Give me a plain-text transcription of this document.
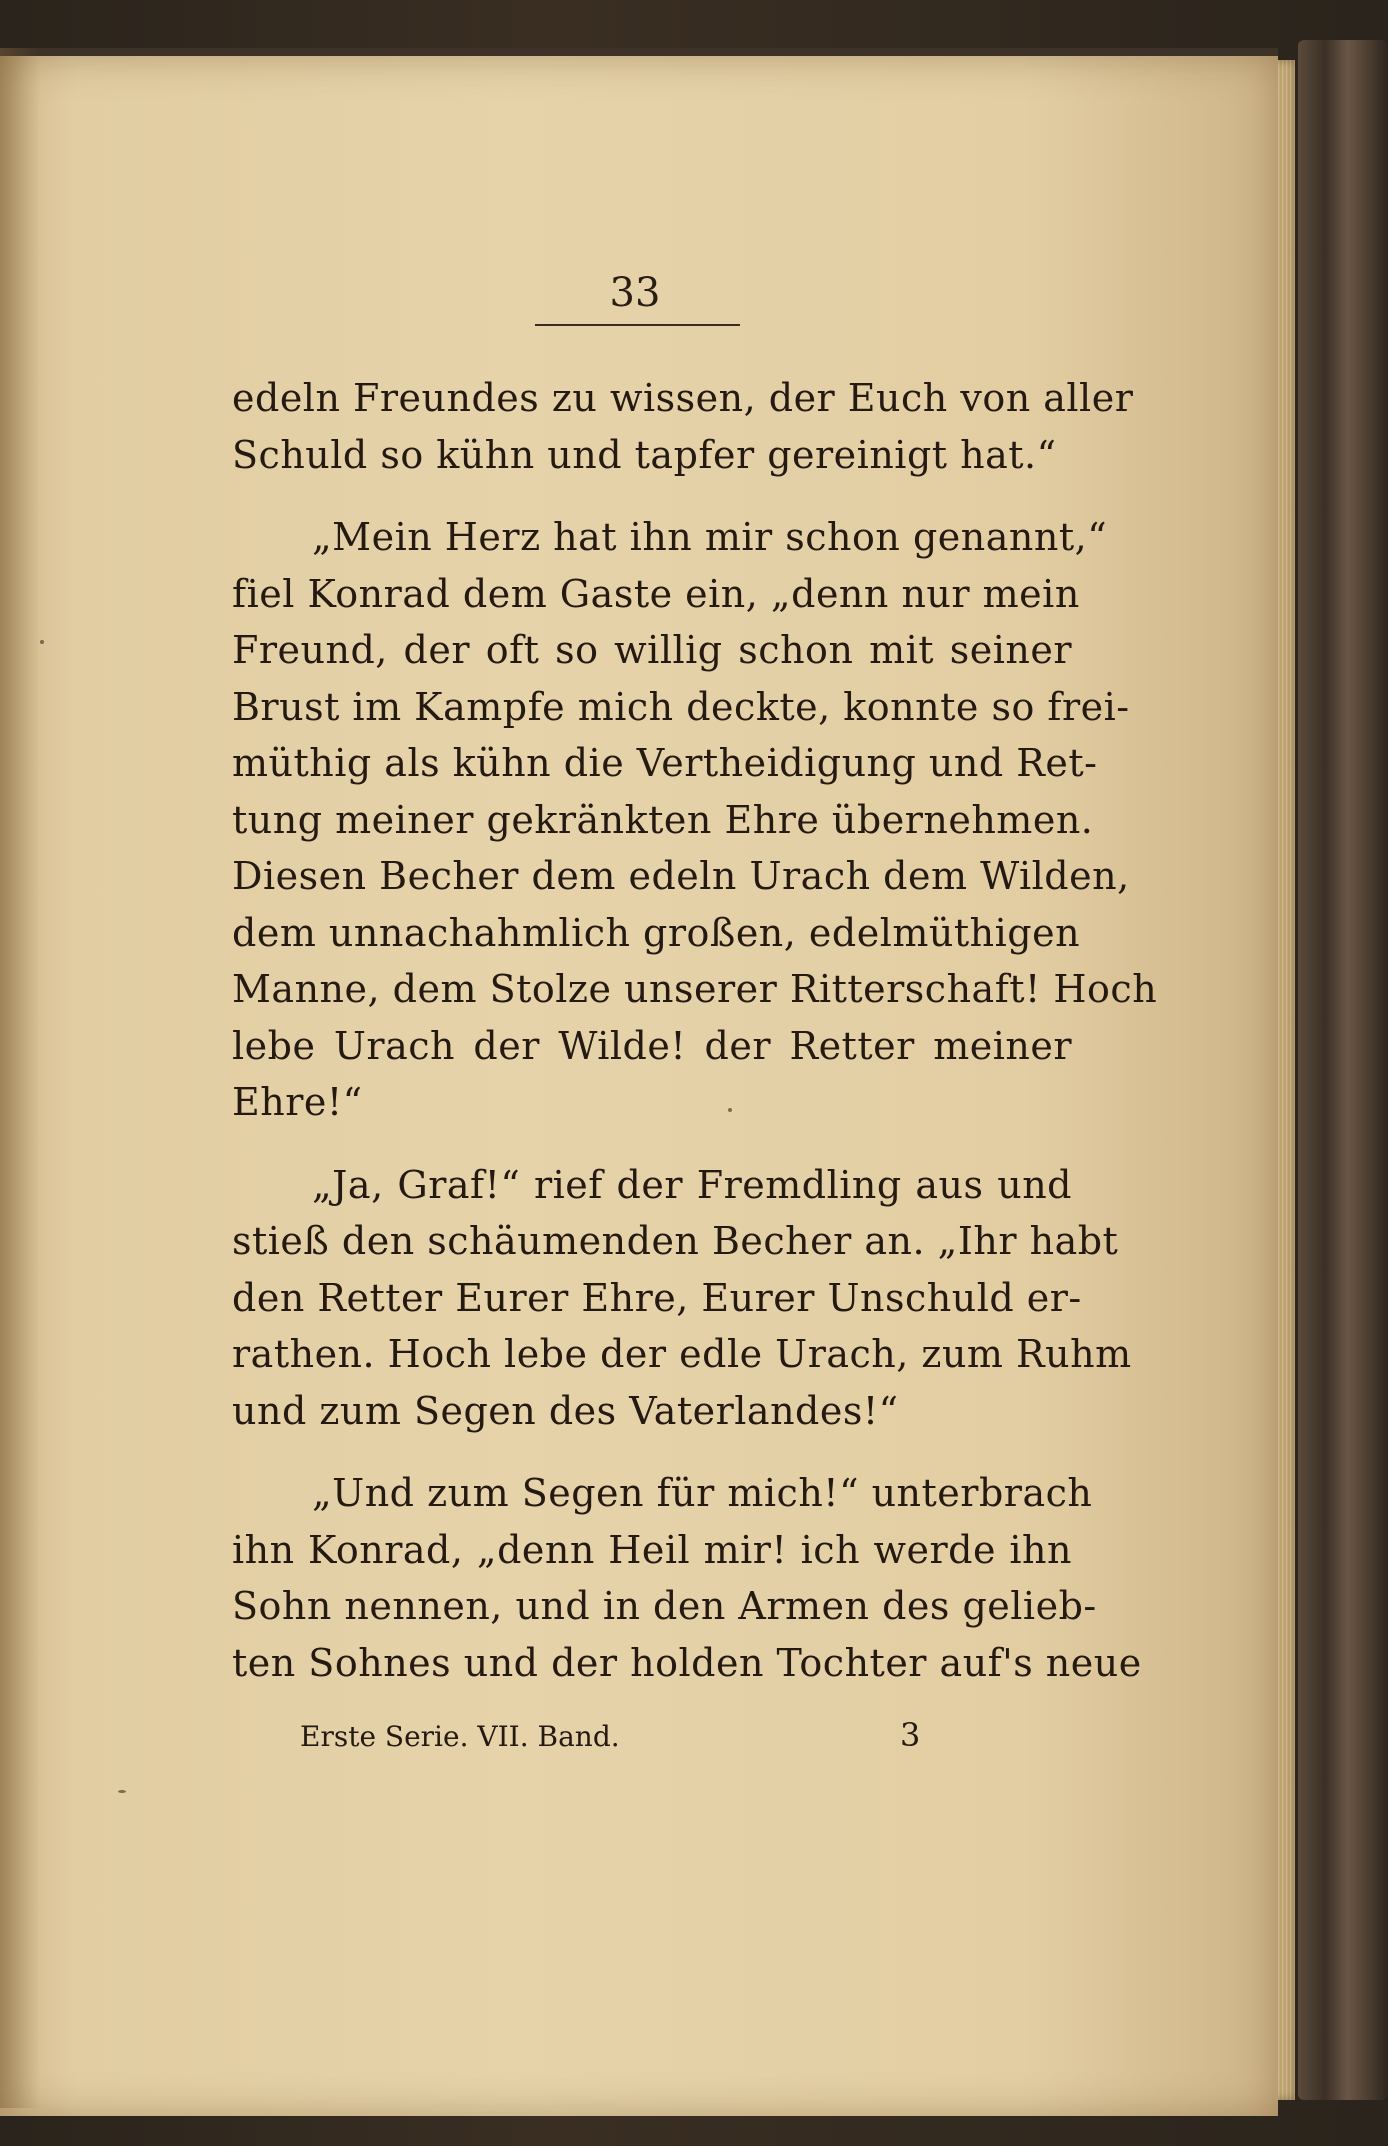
33
edeln Freundes zu wissen, der Euch von aller
Schuld so kühn und tapfer gereinigt hat.“
„Mein Herz hat ihn mir schon genannt,“
fiel Konrad dem Gaste ein, „denn nur mein
Freund, der oft so willig schon mit seiner
Brust im Kampfe mich deckte, konnte so frei-
müthig als kühn die Vertheidigung und Ret-
tung meiner gekränkten Ehre übernehmen.
Diesen Becher dem edeln Urach dem Wilden,
dem unnachahmlich großen, edelmüthigen
Manne, dem Stolze unserer Ritterschaft! Hoch
lebe Urach der Wilde! der Retter meiner
Ehre!“
„Ja, Graf!“ rief der Fremdling aus und
stieß den schäumenden Becher an. „Ihr habt
den Retter Eurer Ehre, Eurer Unschuld er-
rathen. Hoch lebe der edle Urach, zum Ruhm
und zum Segen des Vaterlandes!“
„Und zum Segen für mich!“ unterbrach
ihn Konrad, „denn Heil mir! ich werde ihn
Sohn nennen, und in den Armen des gelieb-
ten Sohnes und der holden Tochter auf's neue
Erste Serie. VII. Band.	3
